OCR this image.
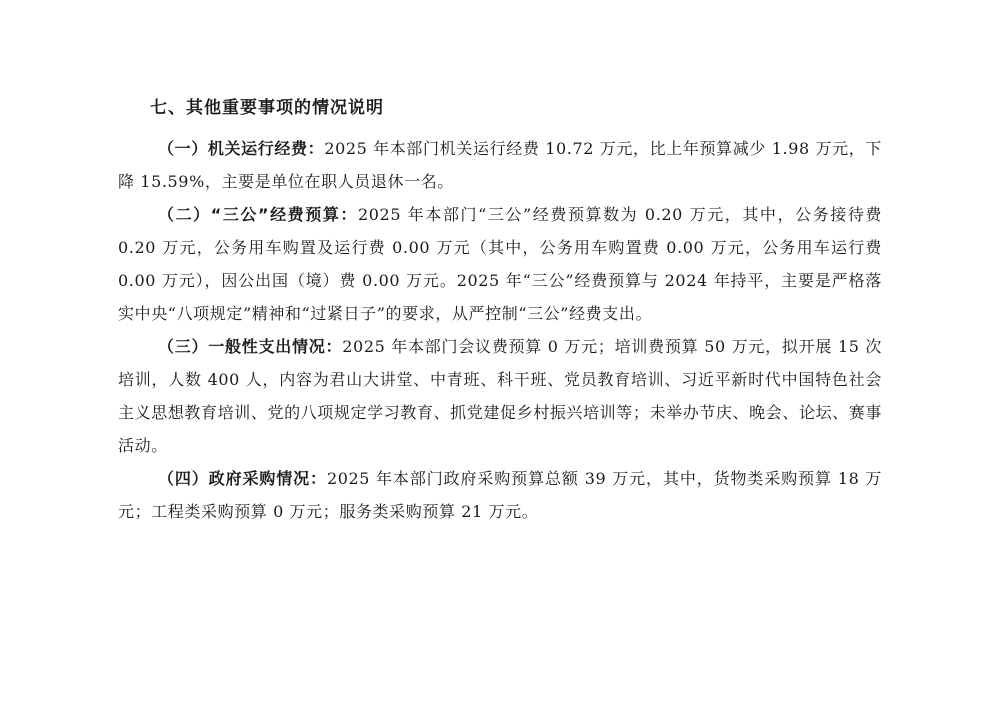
七、其他重要事项的情况说明

（一）机关运行经费：2025 年本部门机关运行经费 10.72 万元，比上年预算减少 1.98 万元，下降 15.59%，主要是单位在职人员退休一名。

（二）“三公”经费预算：2025 年本部门“三公”经费预算数为 0.20 万元，其中，公务接待费 0.20 万元，公务用车购置及运行费 0.00 万元（其中，公务用车购置费 0.00 万元，公务用车运行费 0.00 万元），因公出国（境）费 0.00 万元。2025 年“三公”经费预算与 2024 年持平，主要是严格落实中央“八项规定”精神和“过紧日子”的要求，从严控制“三公”经费支出。

（三）一般性支出情况：2025 年本部门会议费预算 0 万元；培训费预算 50 万元，拟开展 15 次培训，人数 400 人，内容为君山大讲堂、中青班、科干班、党员教育培训、习近平新时代中国特色社会主义思想教育培训、党的八项规定学习教育、抓党建促乡村振兴培训等；未举办节庆、晚会、论坛、赛事活动。

（四）政府采购情况：2025 年本部门政府采购预算总额 39 万元，其中，货物类采购预算 18 万元；工程类采购预算 0 万元；服务类采购预算 21 万元。
